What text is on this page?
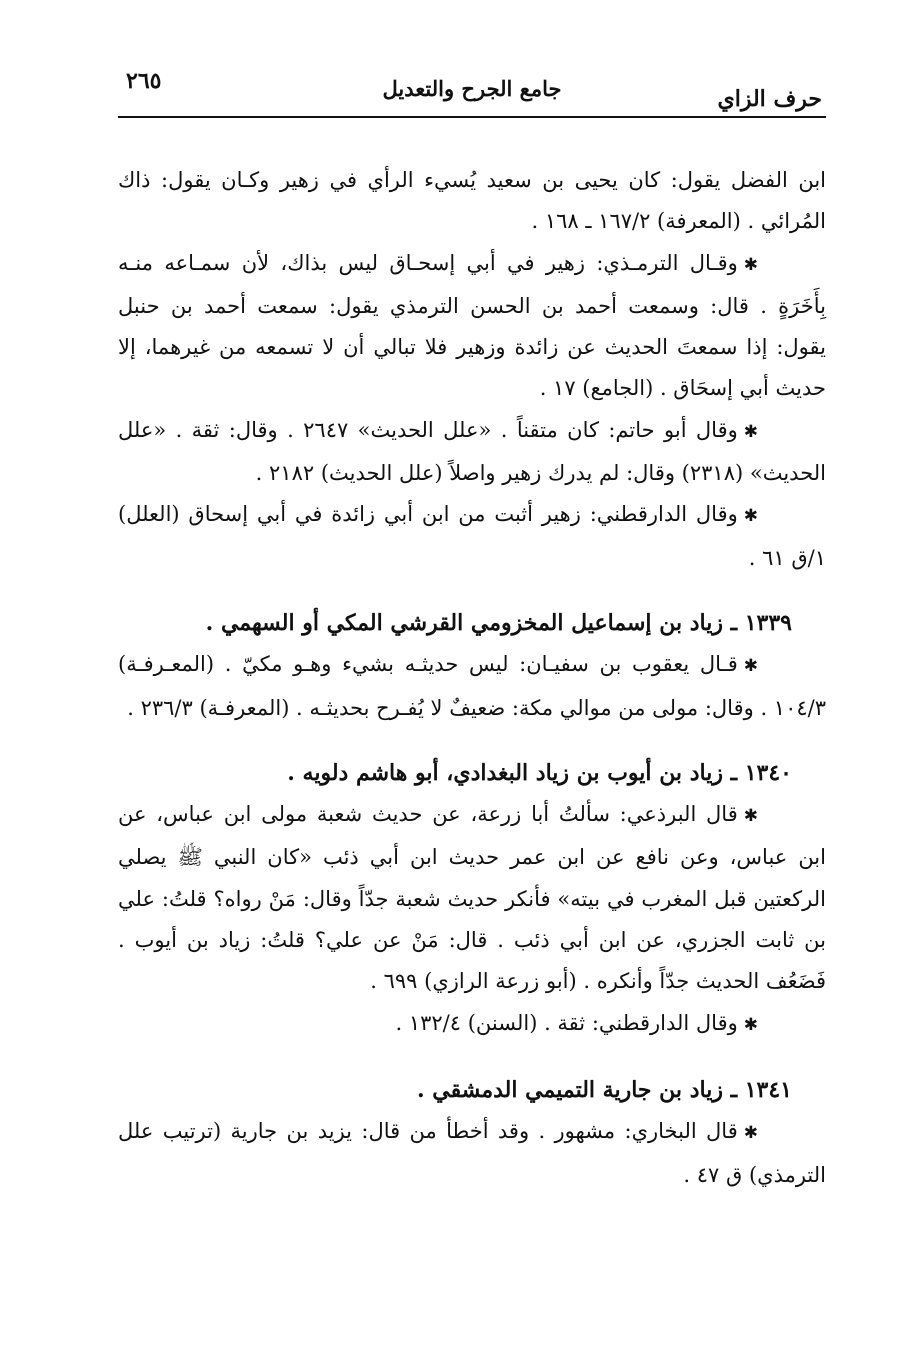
حرف الزاي
جامع الجرح والتعديل
٢٦٥

ابن الفضل يقول: كان يحيى بن سعيد يُسيء الرأي في زهير وكـان يقول: ذاك المُرائي . (المعرفة) ١٦٧/٢ ـ ١٦٨ .

✱وقـال الترمـذي: زهير في أبي إسحـاق ليس بذاك، لأن سمـاعه منـه بِأَخَرَةٍ . قال: وسمعت أحمد بن الحسن الترمذي يقول: سمعت أحمد بن حنبل يقول: إذا سمعتَ الحديث عن زائدة وزهير فلا تبالي أن لا تسمعه من غيرهما، إلا حديث أبي إسحَاق . (الجامع) ١٧ .

✱وقال أبو حاتم: كان متقناً . «علل الحديث» ٢٦٤٧ . وقال: ثقة . «علل الحديث» (٢٣١٨) وقال: لم يدرك زهير واصلاً (علل الحديث) ٢١٨٢ .

✱وقال الدارقطني: زهير أثبت من ابن أبي زائدة في أبي إسحاق (العلل) ١/ق ٦١ .

١٣٣٩ ـ زياد بن إسماعيل المخزومي القرشي المكي أو السهمي .

✱قـال يعقوب بن سفيـان: ليس حديثـه بشيء وهـو مكيّ . (المعـرفـة) ١٠٤/٣ . وقال: مولى من موالي مكة: ضعيفٌ لا يُفـرح بحديثـه . (المعرفـة) ٢٣٦/٣ .

١٣٤٠ ـ زياد بن أيوب بن زياد البغدادي، أبو هاشم دلويه .

✱قال البرذعي: سألتُ أبا زرعة، عن حديث شعبة مولى ابن عباس، عن ابن عباس، وعن نافع عن ابن عمر حديث ابن أبي ذئب «كان النبي ﷺ يصلي الركعتين قبل المغرب في بيته» فأنكر حديث شعبة جدّاً وقال: مَنْ رواه؟ قلتُ: علي بن ثابت الجزري، عن ابن أبي ذئب . قال: مَنْ عن علي؟ قلتُ: زياد بن أيوب . فَضَعُف الحديث جدّاً وأنكره . (أبو زرعة الرازي) ٦٩٩ .

✱وقال الدارقطني: ثقة . (السنن) ١٣٢/٤ .

١٣٤١ ـ زياد بن جارية التميمي الدمشقي .

✱قال البخاري: مشهور . وقد أخطأ من قال: يزيد بن جارية (ترتيب علل الترمذي) ق ٤٧ .
